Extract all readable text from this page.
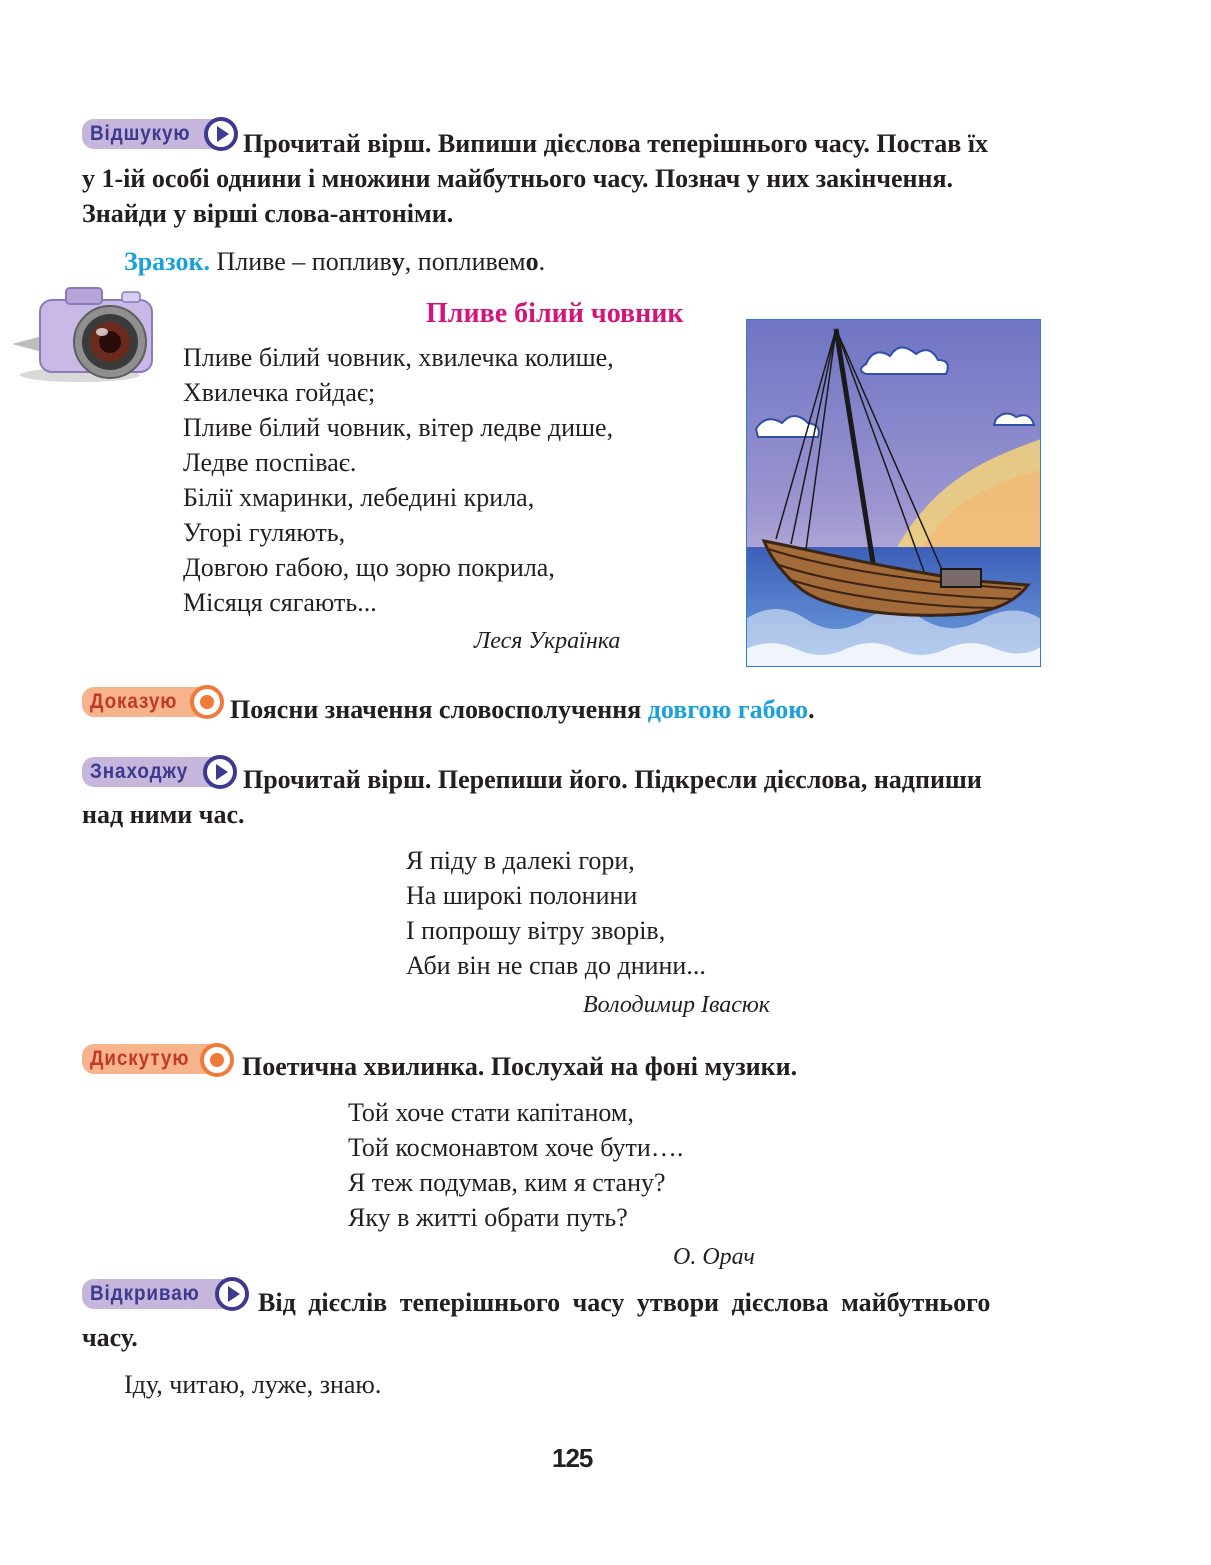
Відшукую	Прочитай вірш. Випиши дієслова теперішнього часу. Постав їх
у 1-ій особі однини і множини майбутнього часу. Познач у них закінчення.
Знайди у вірші слова-антоніми.
Зразок. Пливе – попливу, попливемо.
Пливе білий човник
Пливе білий човник, хвилечка колише,
Хвилечка гойдає;
Пливе білий човник, вітер ледве дише,
Ледве поспіває.
Білії хмаринки, лебедині крила,
Угорі гуляють,
Довгою габою, що зорю покрила,
Місяця сягають...
Леся Українка
Доказую	Поясни значення словосполучення довгою габою.
Знаходжу	Прочитай вірш. Перепиши його. Підкресли дієслова, надпиши
над ними час.
Я піду в далекі гори,
На широкі полонини
І попрошу вітру зворів,
Аби він не спав до днини...
Володимир Івасюк
Дискутую	Поетична хвилинка. Послухай на фоні музики.
Той хоче стати капітаном,
Той космонавтом хоче бути….
Я теж подумав, ким я стану?
Яку в житті обрати путь?
О. Орач
Відкриваю	Від дієслів теперішнього часу утвори дієслова майбутнього
часу.
Іду, читаю, луже, знаю.
125
